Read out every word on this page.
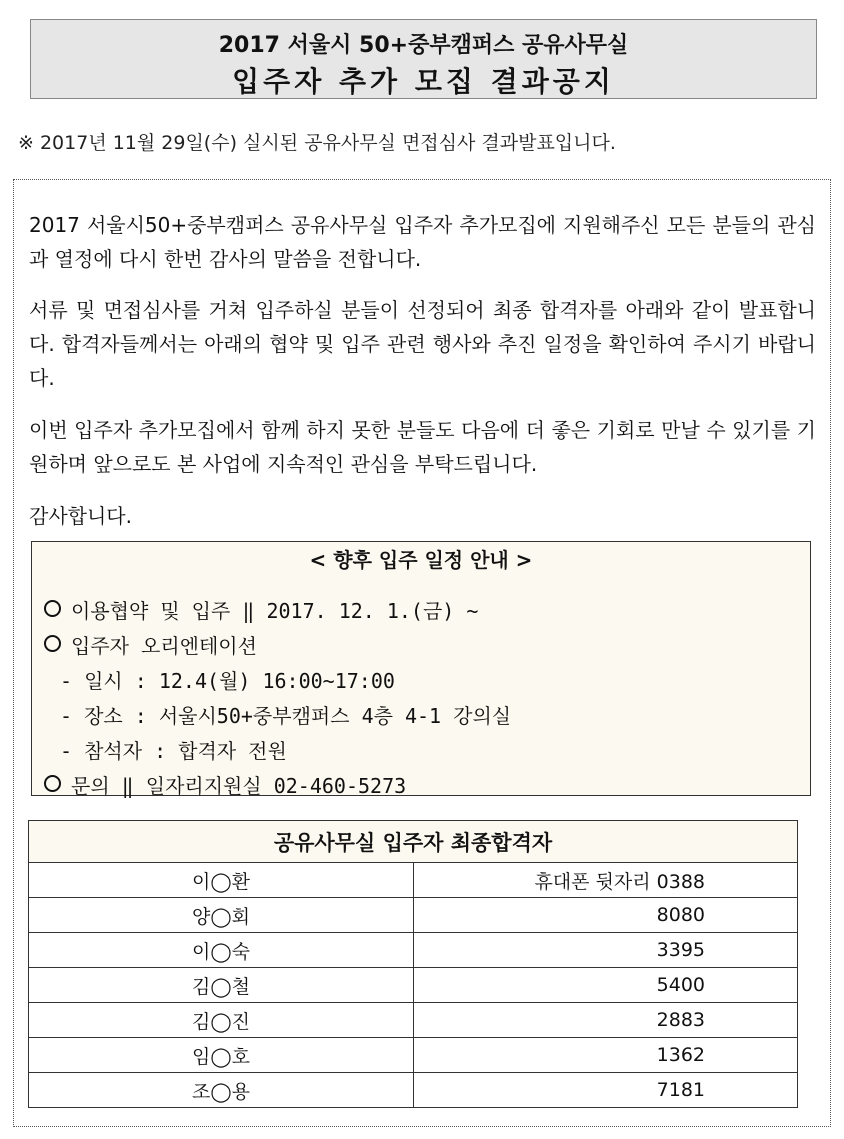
2017 서울시 50+중부캠퍼스 공유사무실
입주자 추가 모집 결과공지
※ 2017년 11월 29일(수) 실시된 공유사무실 면접심사 결과발표입니다.

2017 서울시50+중부캠퍼스 공유사무실 입주자 추가모집에 지원해주신 모든 분들의 관심과 열정에 다시 한번 감사의 말씀을 전합니다.

서류 및 면접심사를 거쳐 입주하실 분들이 선정되어 최종 합격자를 아래와 같이 발표합니다. 합격자들께서는 아래의 협약 및 입주 관련 행사와 추진 일정을 확인하여 주시기 바랍니다.

이번 입주자 추가모집에서 함께 하지 못한 분들도 다음에 더 좋은 기회로 만날 수 있기를 기원하며 앞으로도 본 사업에 지속적인 관심을 부탁드립니다.

감사합니다.

< 향후 입주 일정 안내 >
이용협약 및 입주 ‖ 2017. 12. 1.(금) ~
입주자 오리엔테이션
- 일시 : 12.4(월) 16:00~17:00
- 장소 : 서울시50+중부캠퍼스 4층 4-1 강의실
- 참석자 : 합격자 전원
문의 ‖ 일자리지원실 02-460-5273
공유사무실 입주자 최종합격자	
이◯환	휴대폰 뒷자리 0388
양◯회	8080
이◯숙	3395
김◯철	5400
김◯진	2883
임◯호	1362
조◯용	7181
